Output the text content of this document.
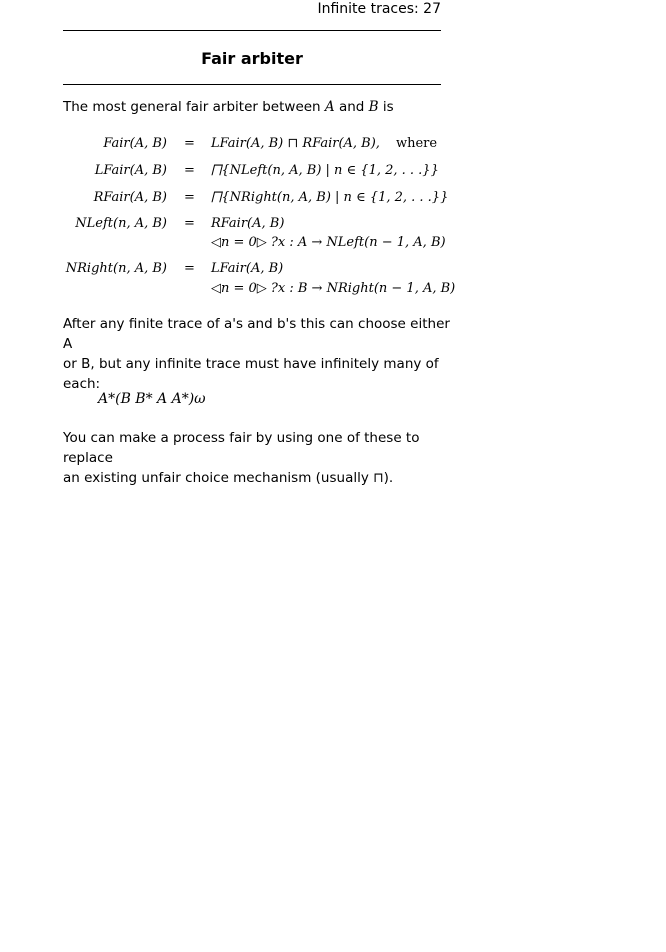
Infinite traces: 27
Fair arbiter
The most general fair arbiter between A and B is
Fair(A, B) = LFair(A, B) ⊓ RFair(A, B), where
LFair(A, B) = ⨅{NLeft(n, A, B) | n ∈ {1, 2, . . .}}
RFair(A, B) = ⨅{NRight(n, A, B) | n ∈ {1, 2, . . .}}
NLeft(n, A, B) = RFair(A, B)
◁n = 0▷ ?x : A → NLeft(n − 1, A, B)
NRight(n, A, B) = LFair(A, B)
◁n = 0▷ ?x : B → NRight(n − 1, A, B)
After any finite trace of a's and b's this can choose either A
or B, but any infinite trace must have infinitely many of
each:
A*(B B* A A*)ω
You can make a process fair by using one of these to replace
an existing unfair choice mechanism (usually ⊓).
